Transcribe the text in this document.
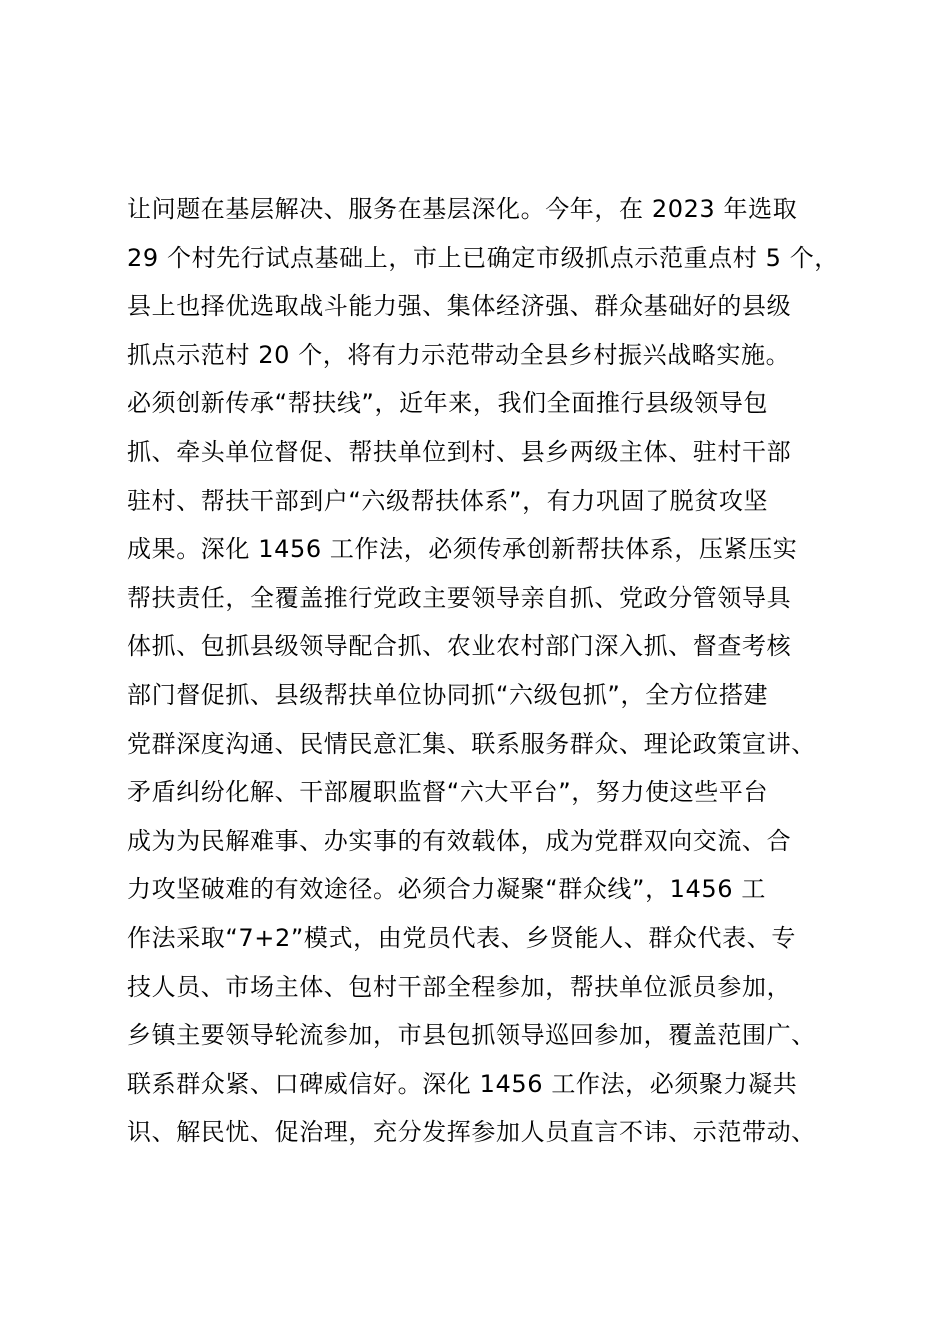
让问题在基层解决、服务在基层深化。今年，在 2023 年选取
29 个村先行试点基础上，市上已确定市级抓点示范重点村 5 个，
县上也择优选取战斗能力强、集体经济强、群众基础好的县级
抓点示范村 20 个，将有力示范带动全县乡村振兴战略实施。
必须创新传承“帮扶线”，近年来，我们全面推行县级领导包
抓、牵头单位督促、帮扶单位到村、县乡两级主体、驻村干部
驻村、帮扶干部到户“六级帮扶体系”，有力巩固了脱贫攻坚
成果。深化 1456 工作法，必须传承创新帮扶体系，压紧压实
帮扶责任，全覆盖推行党政主要领导亲自抓、党政分管领导具
体抓、包抓县级领导配合抓、农业农村部门深入抓、督查考核
部门督促抓、县级帮扶单位协同抓“六级包抓”，全方位搭建
党群深度沟通、民情民意汇集、联系服务群众、理论政策宣讲、
矛盾纠纷化解、干部履职监督“六大平台”，努力使这些平台
成为为民解难事、办实事的有效载体，成为党群双向交流、合
力攻坚破难的有效途径。必须合力凝聚“群众线”，1456 工
作法采取“7+2”模式，由党员代表、乡贤能人、群众代表、专
技人员、市场主体、包村干部全程参加，帮扶单位派员参加，
乡镇主要领导轮流参加，市县包抓领导巡回参加，覆盖范围广、
联系群众紧、口碑威信好。深化 1456 工作法，必须聚力凝共
识、解民忧、促治理，充分发挥参加人员直言不讳、示范带动、
